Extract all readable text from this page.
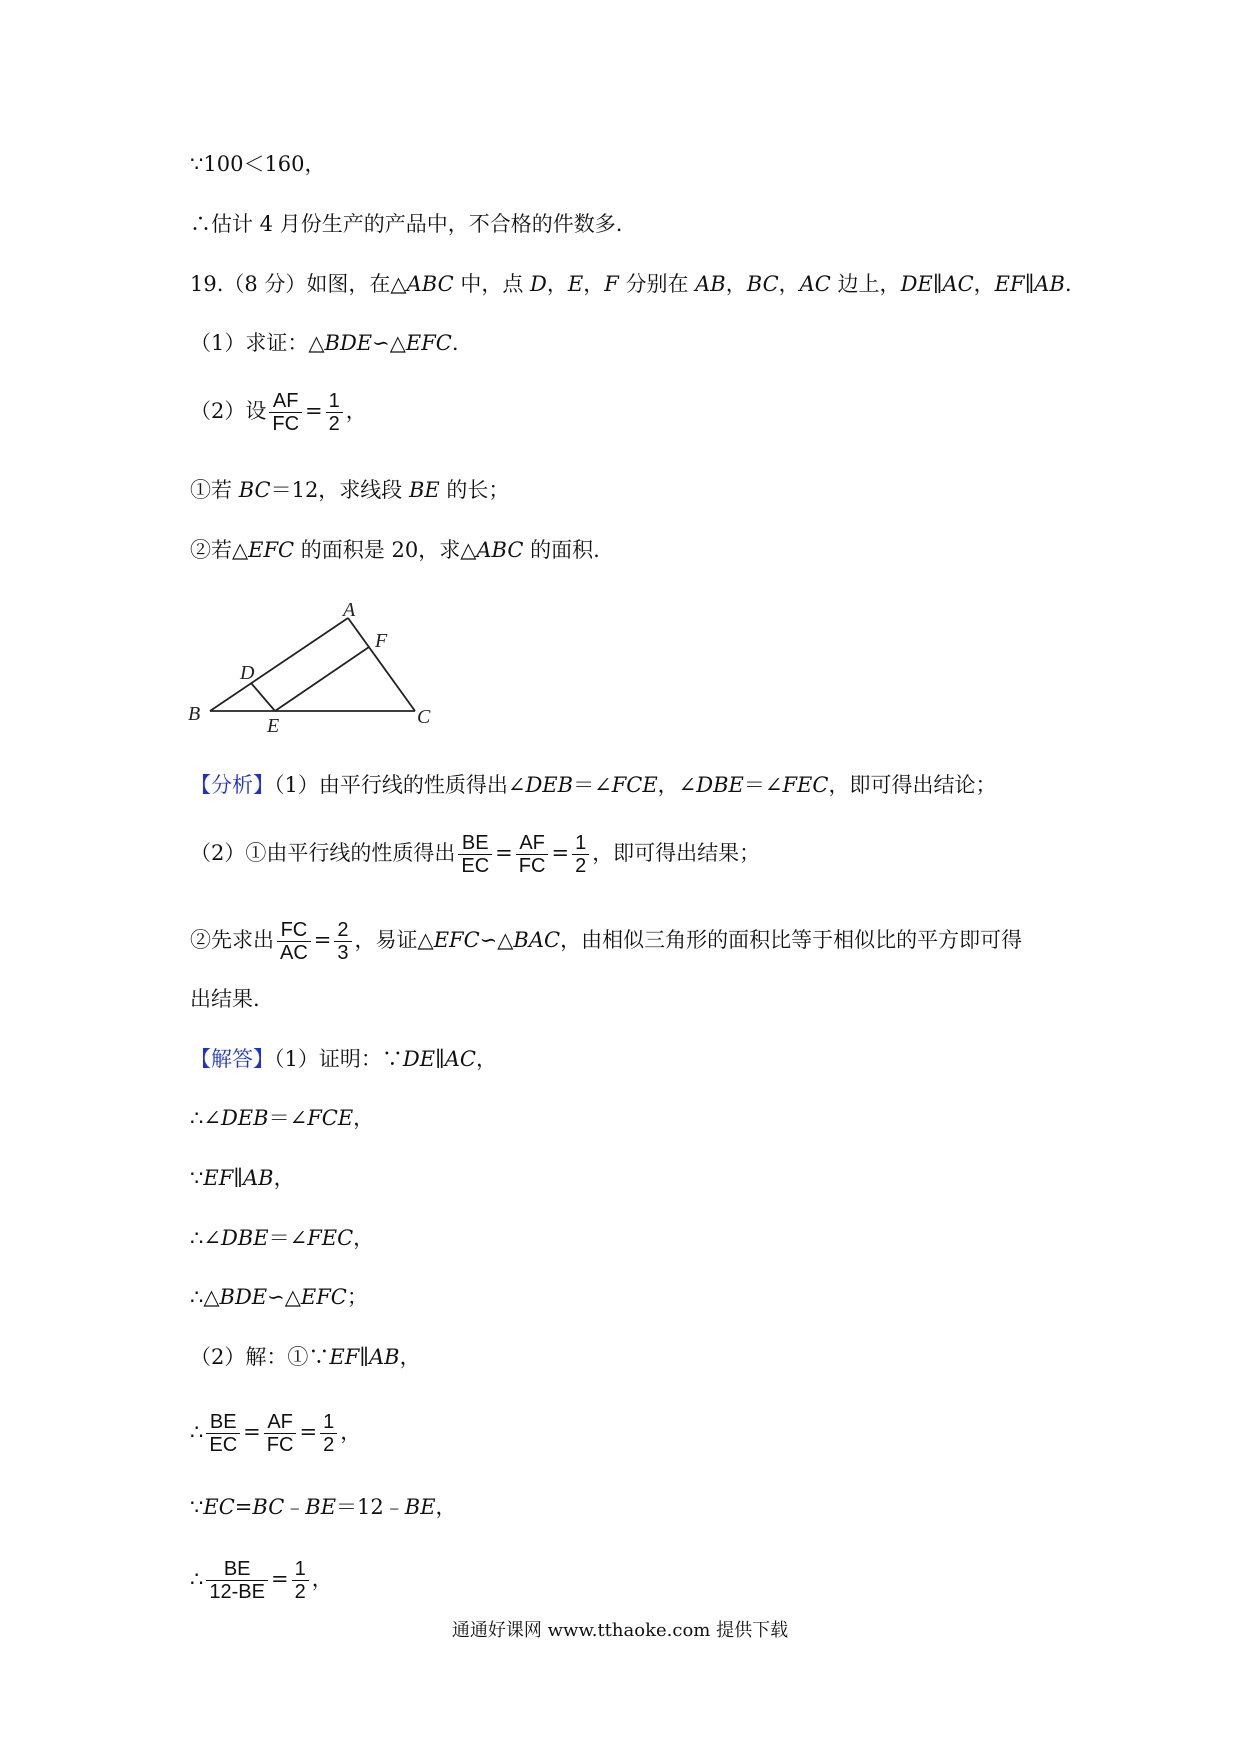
∵100＜160，
∴估计 4 月份生产的产品中，不合格的件数多.
19.（8 分）如图，在△ABC 中，点 D，E，F 分别在 AB，BC，AC 边上，DE∥AC，EF∥AB.
（1）求证：△BDE∽△EFC.
（2）设 $\frac{AF}{FC} = \frac{1}{2}$ ，
①若 BC＝12，求线段 BE 的长；
②若△EFC 的面积是 20，求△ABC 的面积.
A
B	C
D
E
F
【分析】（1）由平行线的性质得出∠DEB＝∠FCE，∠DBE＝∠FEC，即可得出结论；
（2）①由平行线的性质得出 $\frac{BE}{EC} = \frac{AF}{FC} = \frac{1}{2}$ ，即可得出结果；
②先求出 $\frac{FC}{AC} = \frac{2}{3}$ ，易证△EFC∽△BAC，由相似三角形的面积比等于相似比的平方即可得
出结果.
【解答】（1）证明：∵DE∥AC，
∴∠DEB＝∠FCE，
∵EF∥AB，
∴∠DBE＝∠FEC，
∴△BDE∽△EFC；
（2）解：①∵EF∥AB，
∴ $\frac{BE}{EC} = \frac{AF}{FC} = \frac{1}{2}$ ，
∵EC=BC﹣BE＝12﹣BE，
∴ $\frac{BE}{12-BE} = \frac{1}{2}$ ，
通通好课网 www.tthaoke.com 提供下载
